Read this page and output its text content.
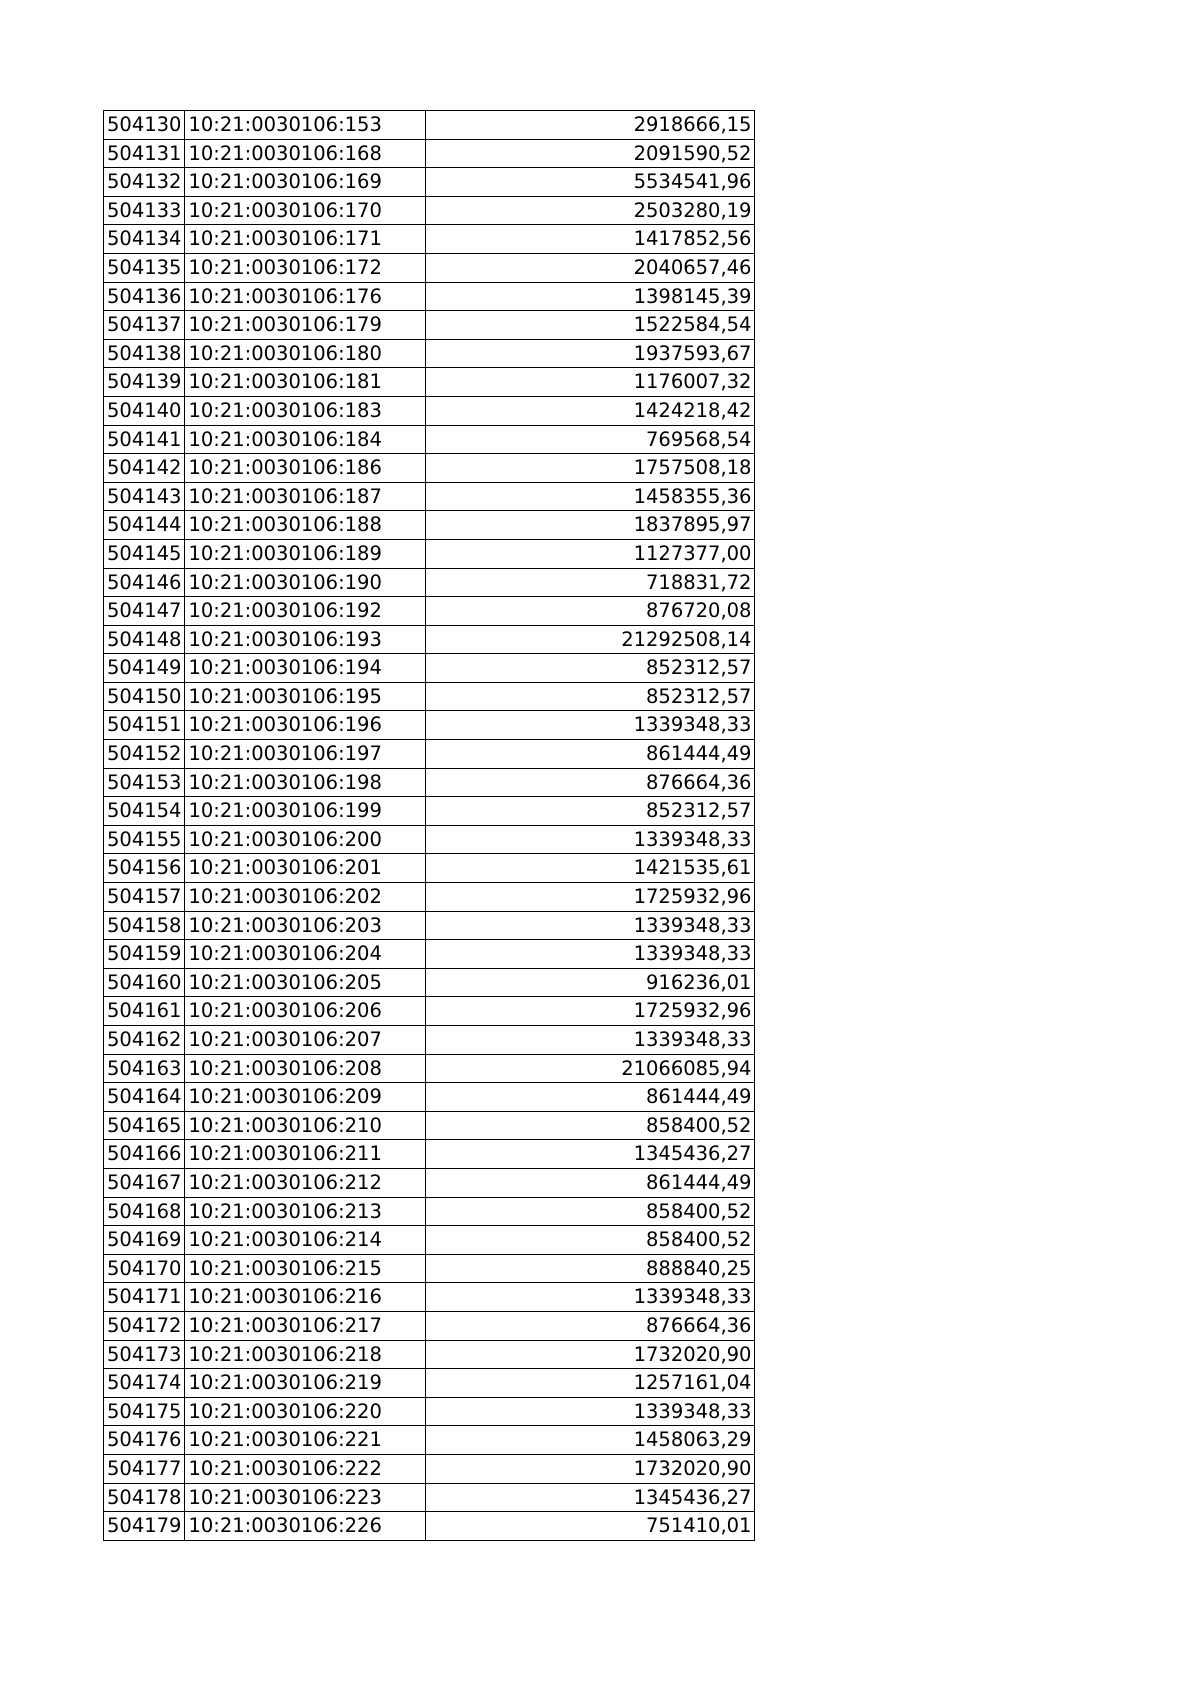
504130	10:21:0030106:153	2918666,15
504131	10:21:0030106:168	2091590,52
504132	10:21:0030106:169	5534541,96
504133	10:21:0030106:170	2503280,19
504134	10:21:0030106:171	1417852,56
504135	10:21:0030106:172	2040657,46
504136	10:21:0030106:176	1398145,39
504137	10:21:0030106:179	1522584,54
504138	10:21:0030106:180	1937593,67
504139	10:21:0030106:181	1176007,32
504140	10:21:0030106:183	1424218,42
504141	10:21:0030106:184	769568,54
504142	10:21:0030106:186	1757508,18
504143	10:21:0030106:187	1458355,36
504144	10:21:0030106:188	1837895,97
504145	10:21:0030106:189	1127377,00
504146	10:21:0030106:190	718831,72
504147	10:21:0030106:192	876720,08
504148	10:21:0030106:193	21292508,14
504149	10:21:0030106:194	852312,57
504150	10:21:0030106:195	852312,57
504151	10:21:0030106:196	1339348,33
504152	10:21:0030106:197	861444,49
504153	10:21:0030106:198	876664,36
504154	10:21:0030106:199	852312,57
504155	10:21:0030106:200	1339348,33
504156	10:21:0030106:201	1421535,61
504157	10:21:0030106:202	1725932,96
504158	10:21:0030106:203	1339348,33
504159	10:21:0030106:204	1339348,33
504160	10:21:0030106:205	916236,01
504161	10:21:0030106:206	1725932,96
504162	10:21:0030106:207	1339348,33
504163	10:21:0030106:208	21066085,94
504164	10:21:0030106:209	861444,49
504165	10:21:0030106:210	858400,52
504166	10:21:0030106:211	1345436,27
504167	10:21:0030106:212	861444,49
504168	10:21:0030106:213	858400,52
504169	10:21:0030106:214	858400,52
504170	10:21:0030106:215	888840,25
504171	10:21:0030106:216	1339348,33
504172	10:21:0030106:217	876664,36
504173	10:21:0030106:218	1732020,90
504174	10:21:0030106:219	1257161,04
504175	10:21:0030106:220	1339348,33
504176	10:21:0030106:221	1458063,29
504177	10:21:0030106:222	1732020,90
504178	10:21:0030106:223	1345436,27
504179	10:21:0030106:226	751410,01
